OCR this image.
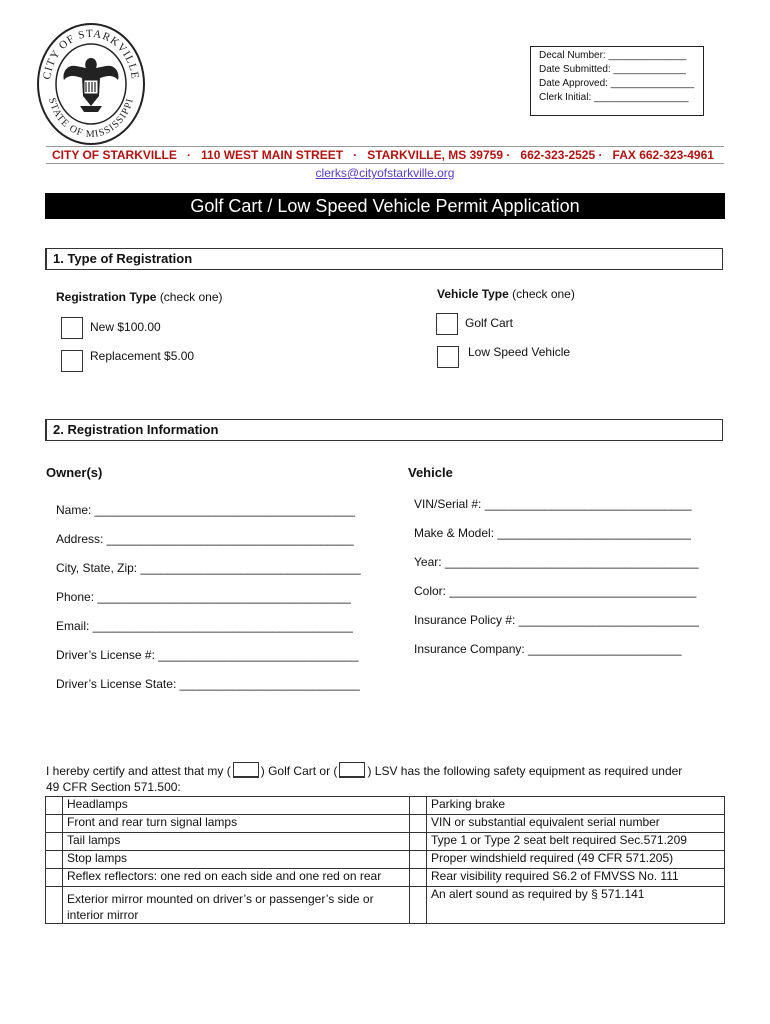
CITY OF STARKVILLE
STATE OF MISSISSIPPI
Decal Number: ______________
Date Submitted: _____________
Date Approved: _______________
Clerk Initial: _________________
CITY OF STARKVILLE · 110 WEST MAIN STREET · STARKVILLE, MS 39759 · 662-323-2525 · FAX 662-323-4961
clerks@cityofstarkville.org
Golf Cart / Low Speed Vehicle Permit Application
1. Type of Registration
Registration Type (check one)
New $100.00
Replacement $5.00
Vehicle Type (check one)
Golf Cart
Low Speed Vehicle
2. Registration Information
Owner(s)	Vehicle
Name: _______________________________________
Address: _____________________________________
City, State, Zip: _________________________________
Phone: ______________________________________
Email: _______________________________________
Driver’s License #: ______________________________
Driver’s License State: ___________________________
VIN/Serial #: _______________________________
Make & Model: _____________________________
Year: ______________________________________
Color: _____________________________________
Insurance Policy #: ___________________________
Insurance Company: _______________________
I hereby certify and attest that my (	) Golf Cart or (	) LSV has the following safety equipment as required under
49 CFR Section 571.500:
	Headlamps		Parking brake
	Front and rear turn signal lamps		VIN or substantial equivalent serial number
	Tail lamps		Type 1 or Type 2 seat belt required Sec.571.209
	Stop lamps		Proper windshield required (49 CFR 571.205)
	Reflex reflectors: one red on each side and one red on rear		Rear visibility required S6.2 of FMVSS No. 111
	Exterior mirror mounted on driver’s or passenger’s side or interior mirror		An alert sound as required by § 571.141
